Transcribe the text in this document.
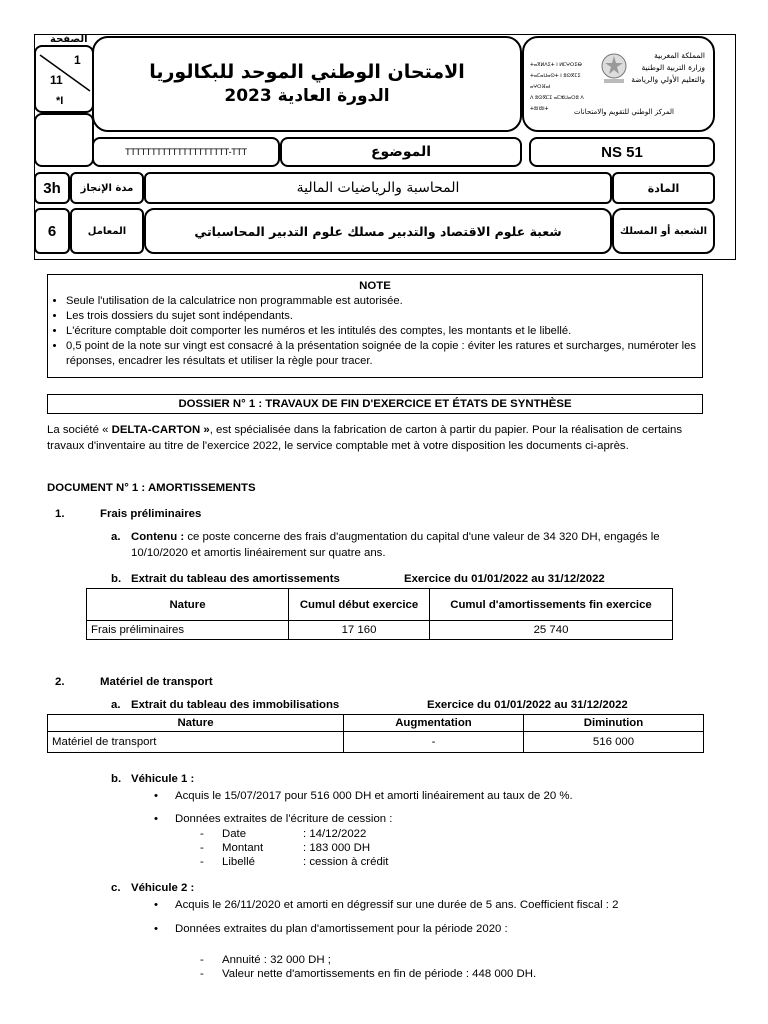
1
11
*I
الصفحة
الامتحان الوطني الموحد للبكالوريا
الدورة العادية 2023
ⵜⴰⴳⵍⴷⵉⵜ ⵏ ⵍⵎⵖⵔⵉⴱ
ⵜⴰⵎⴰⵡⴰⵙⵜ ⵏ ⵓⵙⴳⵎⵉ ⴰⵖⵔⴼⴰⵏ
ⴷ ⵓⵙⴳⵎⵉ ⴰⵎⵣⵡⴰⵔⵓ ⴷ ⵜⵓⵏⵏⵓⵏⵜ
المملكة المغربية
وزارة التربية الوطنية
والتعليم الأولي والرياضة
المركز الوطني للتقويم والامتحانات
TTTTTTTTTTTTTTTTTTTT-TTT	الموضوع	NS 51
3h مدة الإنجاز	المحاسبة والرياضيات المالية	المادة
6	المعامل	شعبة علوم الاقتصاد والتدبير مسلك علوم التدبير المحاسباتي	الشعبة أو المسلك
NOTE
• Seule l'utilisation de la calculatrice non programmable est autorisée.
• Les trois dossiers du sujet sont indépendants.
• L'écriture comptable doit comporter les numéros et les intitulés des comptes, les montants et le libellé.
• 0,5 point de la note sur vingt est consacré à la présentation soignée de la copie : éviter les ratures et surcharges, numéroter les réponses, encadrer les résultats et utiliser la règle pour tracer.
DOSSIER N° 1 : TRAVAUX DE FIN D'EXERCICE ET ÉTATS DE SYNTHÈSE

La société « DELTA-CARTON », est spécialisée dans la fabrication de carton à partir du papier. Pour la réalisation de certains travaux d'inventaire au titre de l'exercice 2022, le service comptable met à votre disposition les documents ci-après.

DOCUMENT N° 1 : AMORTISSEMENTS
1.	Frais préliminaires
a. Contenu : ce poste concerne des frais d'augmentation du capital d'une valeur de 34 320 DH, engagés le 10/10/2020 et amortis linéairement sur quatre ans.

b. Extrait du tableau des amortissements	Exercice du 01/01/2022 au 31/12/2022
Nature	Cumul début exercice	Cumul d'amortissements fin exercice
Frais préliminaires	17 160	25 740
2.	Matériel de transport
a. Extrait du tableau des immobilisations	Exercice du 01/01/2022 au 31/12/2022
Nature	Augmentation	Diminution
Matériel de transport	-	516 000
b. Véhicule 1 :
• Acquis le 15/07/2017 pour 516 000 DH et amorti linéairement au taux de 20 %.
• Données extraites de l'écriture de cession :
- Date	: 14/12/2022
- Montant	: 183 000 DH
- Libellé	: cession à crédit
c. Véhicule 2 :
• Acquis le 26/11/2020 et amorti en dégressif sur une durée de 5 ans. Coefficient fiscal : 2
• Données extraites du plan d'amortissement pour la période 2020 :
- Annuité : 32 000 DH ;
- Valeur nette d'amortissements en fin de période : 448 000 DH.
